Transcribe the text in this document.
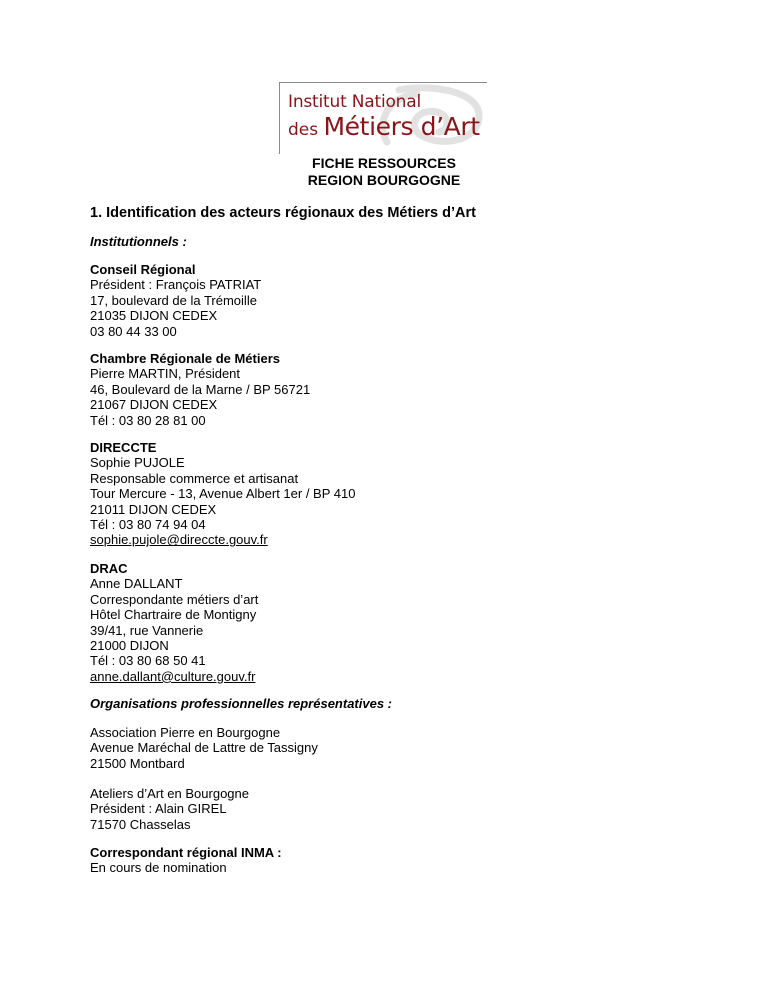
Institut National
des Métiers d’Art
FICHE RESSOURCES
REGION BOURGOGNE
1. Identification des acteurs régionaux des Métiers d’Art
Institutionnels :
Conseil Régional
Président : François PATRIAT
17, boulevard de la Trémoille
21035 DIJON CEDEX
03 80 44 33 00
Chambre Régionale de Métiers
Pierre MARTIN, Président
46, Boulevard de la Marne / BP 56721
21067 DIJON CEDEX
Tél : 03 80 28 81 00
DIRECCTE
Sophie PUJOLE
Responsable commerce et artisanat
Tour Mercure - 13, Avenue Albert 1er / BP 410
21011 DIJON CEDEX
Tél : 03 80 74 94 04
sophie.pujole@direccte.gouv.fr
DRAC
Anne DALLANT
Correspondante métiers d’art
Hôtel Chartraire de Montigny
39/41, rue Vannerie
21000 DIJON
Tél : 03 80 68 50 41
anne.dallant@culture.gouv.fr
Organisations professionnelles représentatives :
Association Pierre en Bourgogne
Avenue Maréchal de Lattre de Tassigny
21500 Montbard
Ateliers d’Art en Bourgogne
Président : Alain GIREL
71570 Chasselas
Correspondant régional INMA :
En cours de nomination
